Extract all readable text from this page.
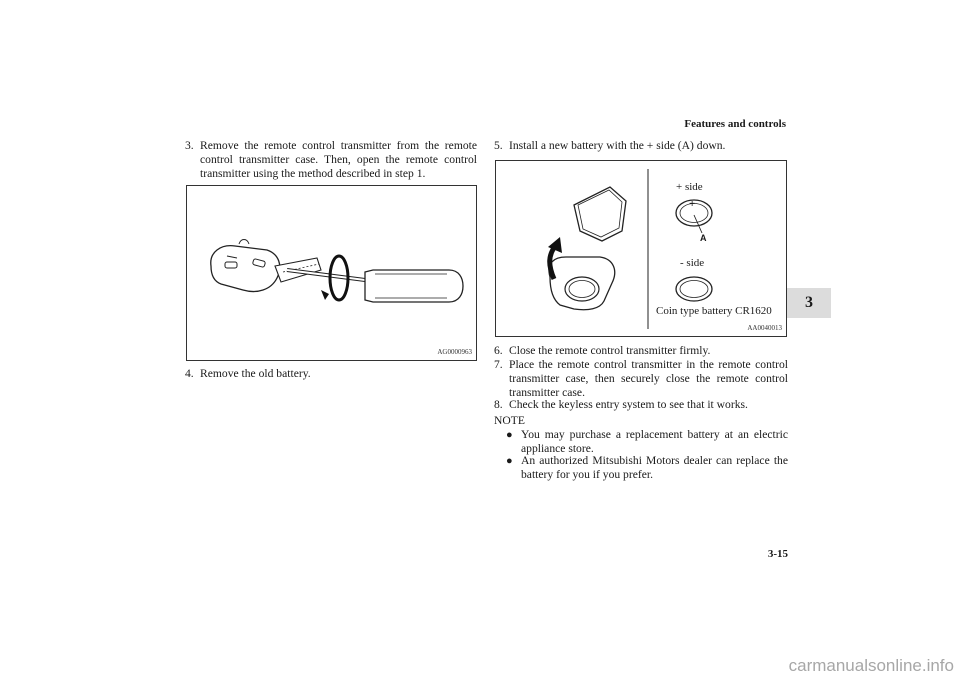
Features and controls
3
3. Remove the remote control transmitter from the remote control transmitter case. Then, open the remote control transmitter using the method described in step 1.
AG0000963
4. Remove the old battery.
5. Install a new battery with the + side (A) down.
+ side
+
A
- side
Coin type battery CR1620
AA0040013
6. Close the remote control transmitter firmly.
7. Place the remote control transmitter in the remote control transmitter case, then securely close the remote control transmitter case.
8. Check the keyless entry system to see that it works.
NOTE
● You may purchase a replacement battery at an electric appliance store.
● An authorized Mitsubishi Motors dealer can replace the battery for you if you prefer.
3-15
carmanualsonline.info
